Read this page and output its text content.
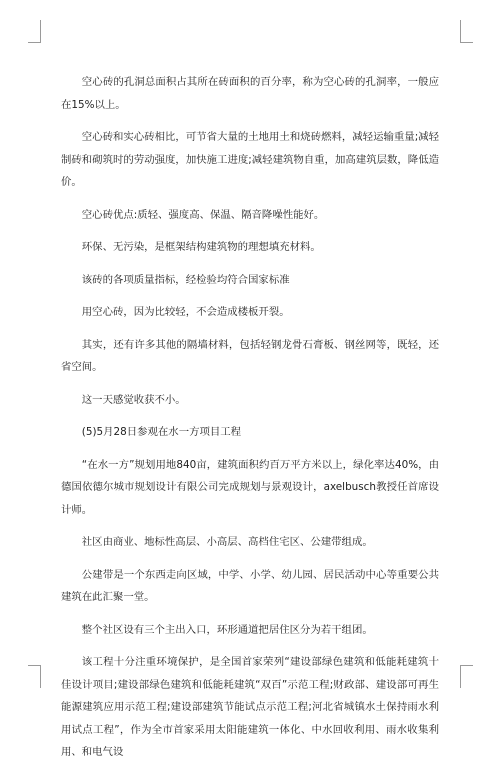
空心砖的孔洞总面积占其所在砖面积的百分率，称为空心砖的孔洞率，一般应在15%以上。

空心砖和实心砖相比，可节省大量的土地用土和烧砖燃料，减轻运输重量;减轻制砖和砌筑时的劳动强度，加快施工进度;减轻建筑物自重，加高建筑层数，降低造价。

空心砖优点:质轻、强度高、保温、隔音降噪性能好。

环保、无污染，是框架结构建筑物的理想填充材料。

该砖的各项质量指标，经检验均符合国家标准

用空心砖，因为比较轻，不会造成楼板开裂。

其实，还有许多其他的隔墙材料，包括轻钢龙骨石膏板、钢丝网等，既轻，还省空间。

这一天感觉收获不小。

(5)5月28日参观在水一方项目工程

“在水一方”规划用地840亩，建筑面积约百万平方米以上，绿化率达40%，由德国依德尔城市规划设计有限公司完成规划与景观设计，axelbusch教授任首席设计师。

社区由商业、地标性高层、小高层、高档住宅区、公建带组成。

公建带是一个东西走向区域，中学、小学、幼儿园、居民活动中心等重要公共建筑在此汇聚一堂。

整个社区设有三个主出入口，环形通道把居住区分为若干组团。

该工程十分注重环境保护，是全国首家荣列“建设部绿色建筑和低能耗建筑十佳设计项目;建设部绿色建筑和低能耗建筑“双百”示范工程;财政部、建设部可再生能源建筑应用示范工程;建设部建筑节能试点示范工程;河北省城镇水土保持雨水利用试点工程”，作为全市首家采用太阳能建筑一体化、中水回收利用、雨水收集利用、和电气设
